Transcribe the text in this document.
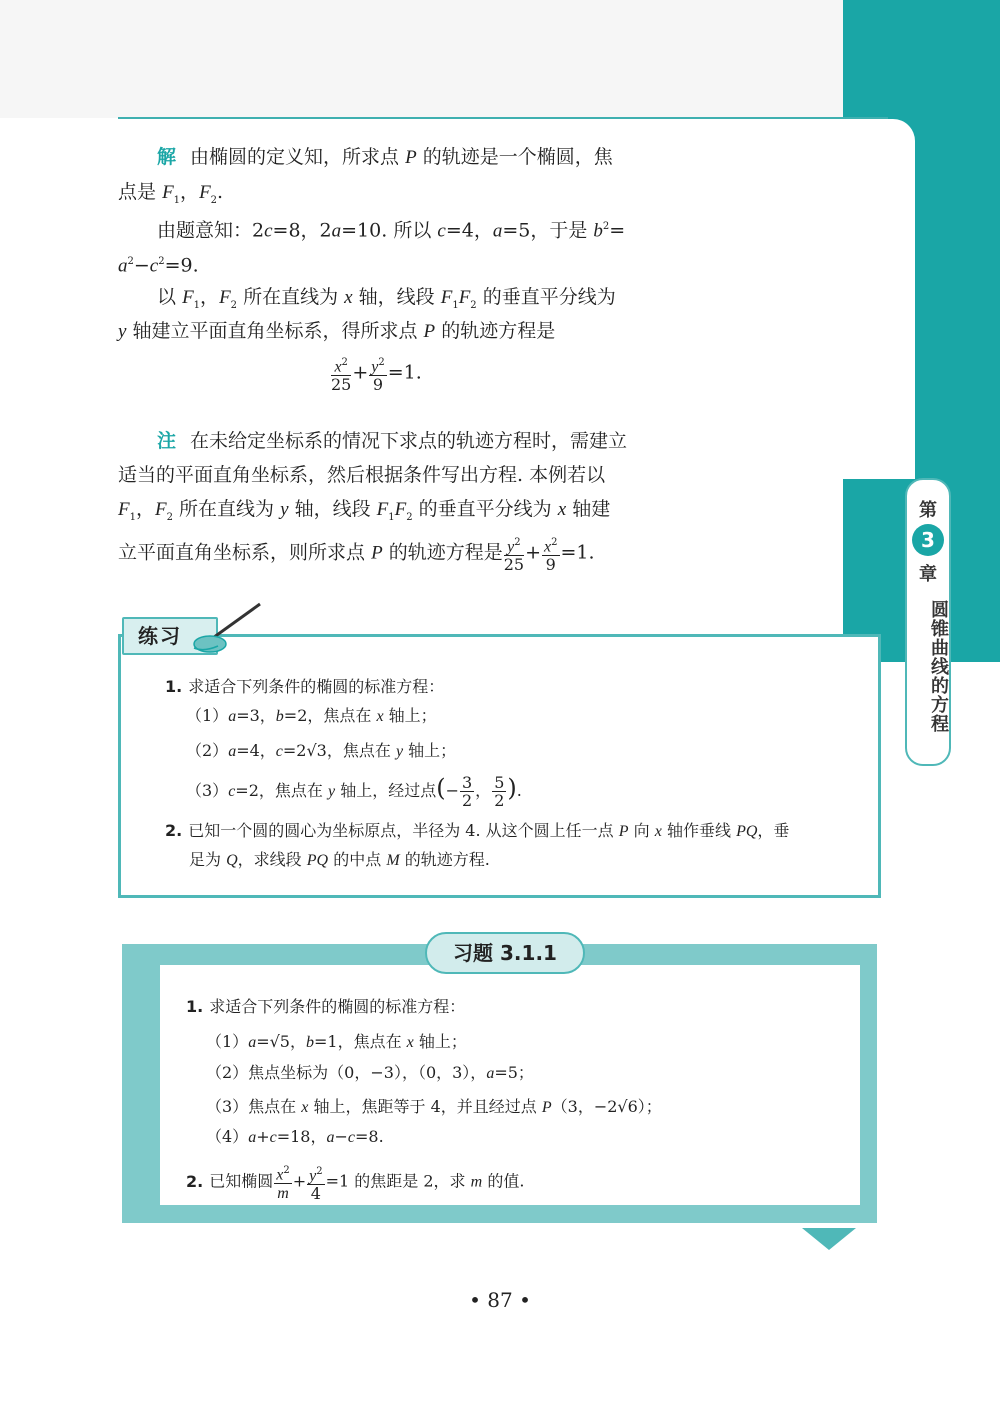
解 由椭圆的定义知，所求点 P 的轨迹是一个椭圆，焦
点是 $F_1$，$F_2$.
由题意知：2c=8，2a=10. 所以 c=4，a=5，于是 $b^2=$
$a^2-c^2=9$.
以 $F_1$，$F_2$ 所在直线为 x 轴，线段 $F_1F_2$ 的垂直平分线为
y 轴建立平面直角坐标系，得所求点 P 的轨迹方程是
$\frac{x^2}{25} + \frac{y^2}{9} =1$.
注 在未给定坐标系的情况下求点的轨迹方程时，需建立
适当的平面直角坐标系，然后根据条件写出方程. 本例若以
$F_1$，$F_2$ 所在直线为 y 轴，线段 $F_1F_2$ 的垂直平分线为 x 轴建
立平面直角坐标系，则所求点 P 的轨迹方程是 $\frac{y^2}{25} + \frac{x^2}{9} =1$.
练习
1. 求适合下列条件的椭圆的标准方程：
（1）a=3，b=2，焦点在 x 轴上；
（2）a=4，c=2√3，焦点在 y 轴上；
（3）c=2，焦点在 y 轴上，经过点(− $\frac{3}{2}$ ， $\frac{5}{2}$ ).
2. 已知一个圆的圆心为坐标原点，半径为 4. 从这个圆上任一点 P 向 x 轴作垂线 PQ，垂
足为 Q，求线段 PQ 的中点 M 的轨迹方程.
习题 3.1.1
1. 求适合下列条件的椭圆的标准方程：
（1）a=√5，b=1，焦点在 x 轴上；
（2）焦点坐标为（0，−3），（0，3），a=5；
（3）焦点在 x 轴上，焦距等于 4，并且经过点 P（3，−2√6）；
（4）a+c=18，a−c=8.
2. 已知椭圆 $\frac{x^2}{m} + \frac{y^2}{4} =1$ 的焦距是 2，求 m 的值.
第
3
章
圆锥曲线的方程
• 87 •
